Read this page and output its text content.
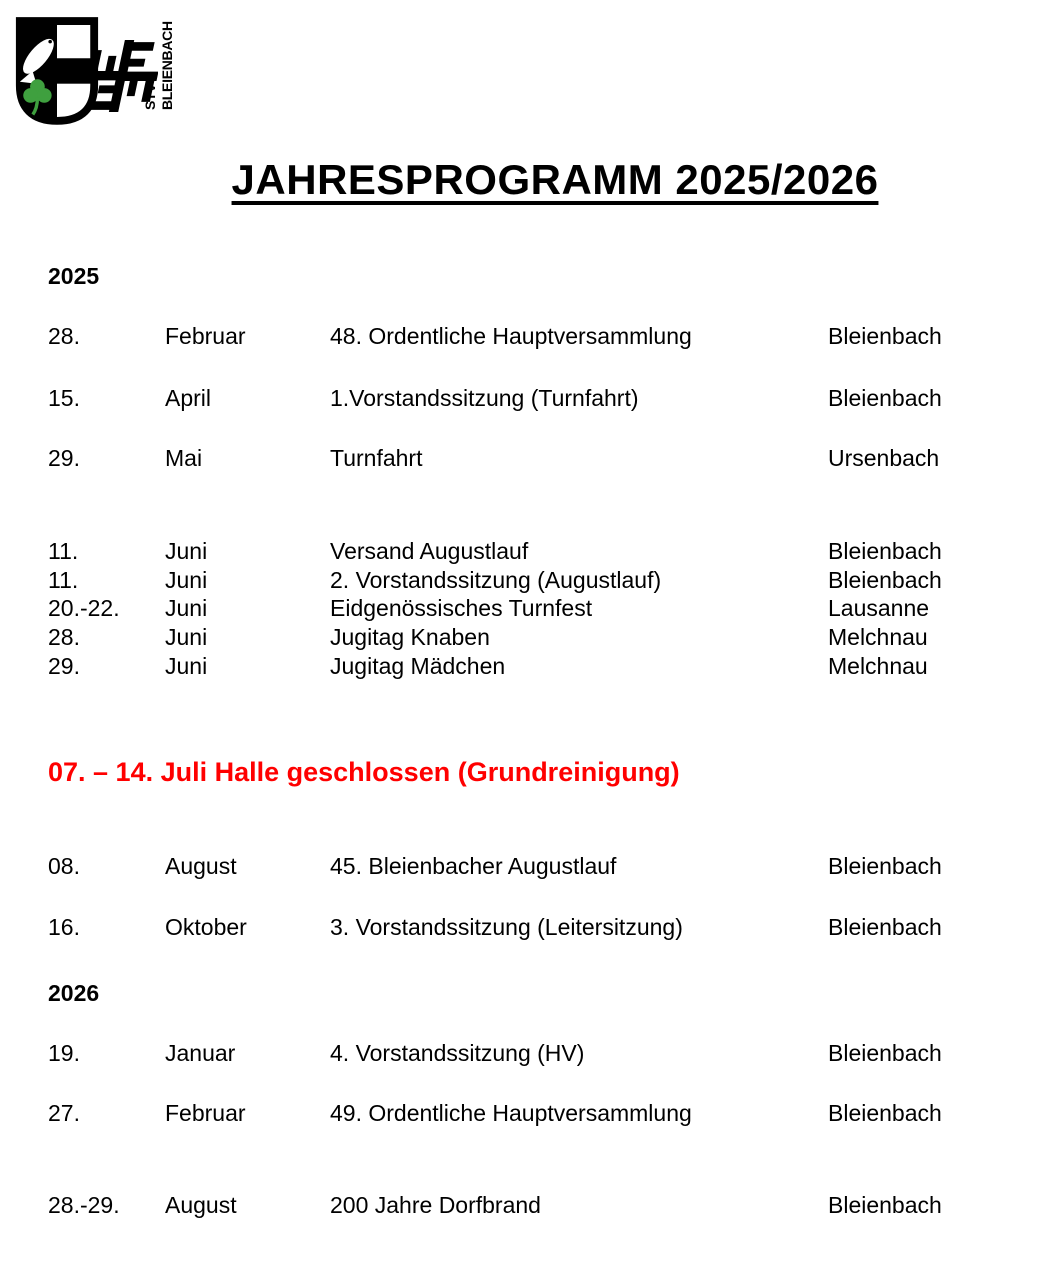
STV BLEIENBACH
JAHRESPROGRAMM 2025/2026
2025
28.	Februar	48. Ordentliche Hauptversammlung	Bleienbach
15.	April	1.Vorstandssitzung (Turnfahrt)	Bleienbach
29.	Mai	Turnfahrt	Ursenbach
11.	Juni	Versand Augustlauf	Bleienbach
11.	Juni	2. Vorstandssitzung (Augustlauf)	Bleienbach
20.-22.	Juni	Eidgenössisches Turnfest	Lausanne
28.	Juni	Jugitag Knaben	Melchnau
29.	Juni	Jugitag Mädchen	Melchnau
07. – 14. Juli Halle geschlossen (Grundreinigung)
08.	August	45. Bleienbacher Augustlauf	Bleienbach
16.	Oktober	3. Vorstandssitzung (Leitersitzung)	Bleienbach
2026
19.	Januar	4. Vorstandssitzung (HV)	Bleienbach
27.	Februar	49. Ordentliche Hauptversammlung	Bleienbach
28.-29.	August	200 Jahre Dorfbrand	Bleienbach
